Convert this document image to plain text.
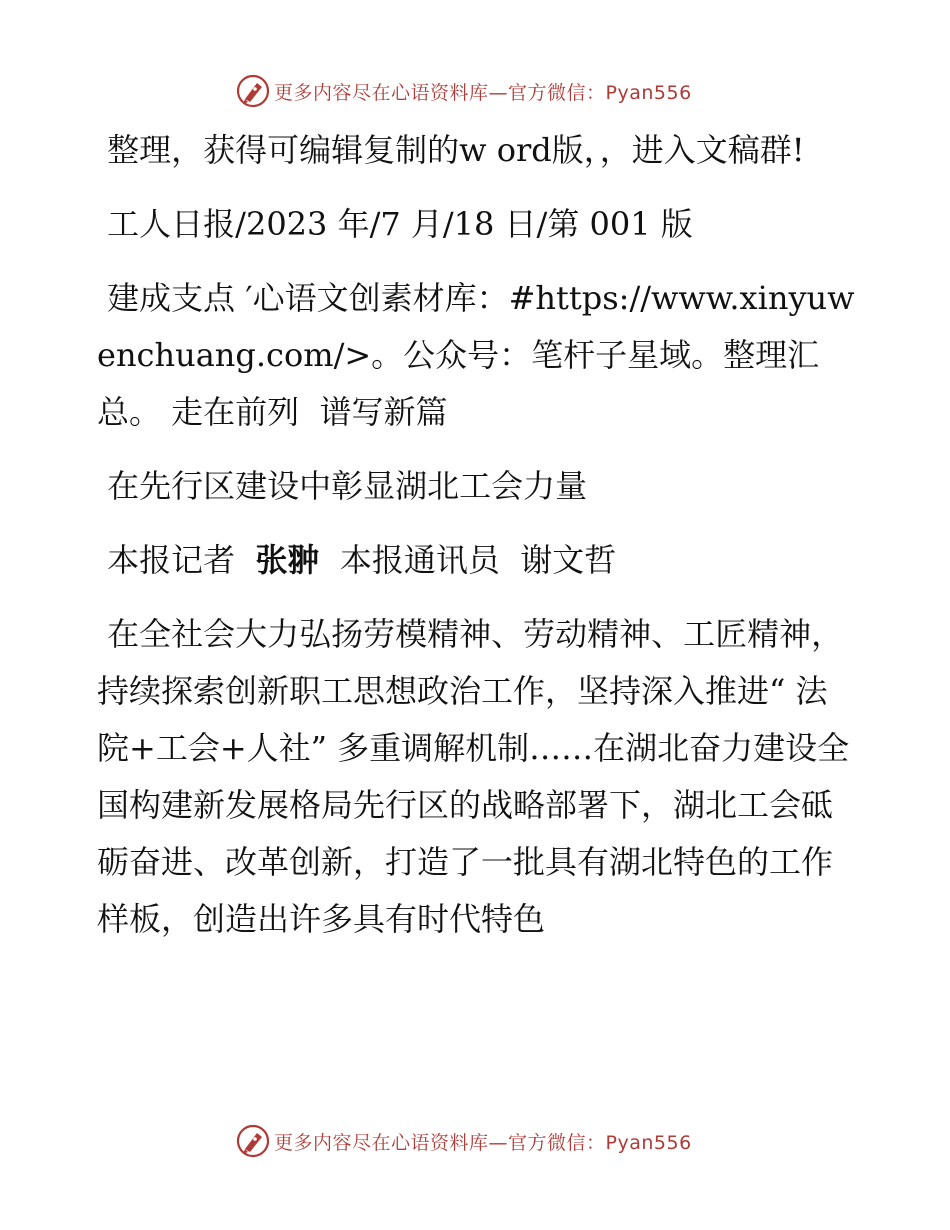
更多内容尽在心语资料库—官方微信：Pyan556

整理，获得可编辑复制的w ord版，，进入文稿群!

工人日报/2023 年/7 月/18 日/第 001 版

建成支点 ′心语文创素材库：#https://www.xinyuwenchuang.com/>。公众号：笔杆子星域。整理汇总。 走在前列  谱写新篇

在先行区建设中彰显湖北工会力量

本报记者  张翀  本报通讯员  谢文哲

在全社会大力弘扬劳模精神、劳动精神、工匠精神，持续探索创新职工思想政治工作，坚持深入推进“ 法院+工会+人社” 多重调解机制……在湖北奋力建设全国构建新发展格局先行区的战略部署下，湖北工会砥砺奋进、改革创新，打造了一批具有湖北特色的工作样板，创造出许多具有时代特色

更多内容尽在心语资料库—官方微信：Pyan556
